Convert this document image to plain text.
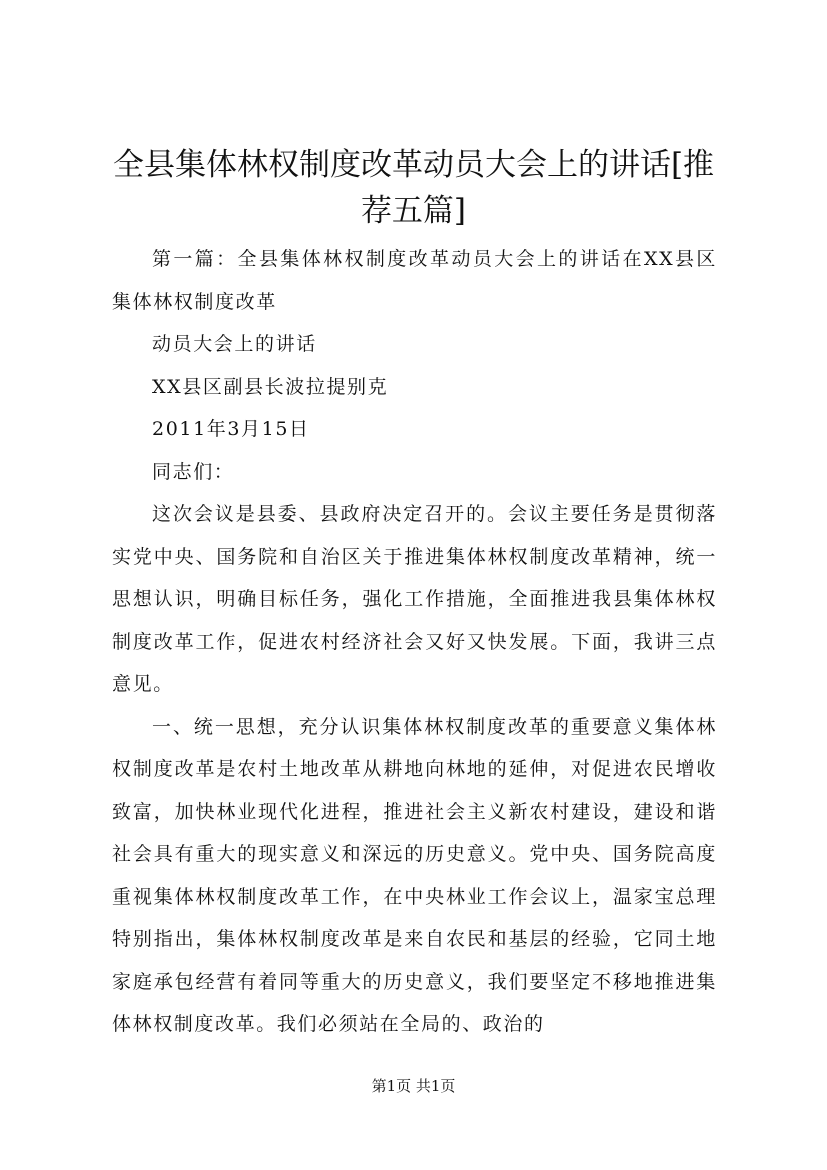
全县集体林权制度改革动员大会上的讲话[推
荐五篇]

第一篇：全县集体林权制度改革动员大会上的讲话在XX县区集体林权制度改革

动员大会上的讲话

XX县区副县长波拉提别克

2011年3月15日

同志们：

这次会议是县委、县政府决定召开的。会议主要任务是贯彻落实党中央、国务院和自治区关于推进集体林权制度改革精神，统一思想认识，明确目标任务，强化工作措施，全面推进我县集体林权制度改革工作，促进农村经济社会又好又快发展。下面，我讲三点意见。

一、统一思想，充分认识集体林权制度改革的重要意义集体林权制度改革是农村土地改革从耕地向林地的延伸，对促进农民增收致富，加快林业现代化进程，推进社会主义新农村建设，建设和谐社会具有重大的现实意义和深远的历史意义。党中央、国务院高度重视集体林权制度改革工作，在中央林业工作会议上，温家宝总理特别指出，集体林权制度改革是来自农民和基层的经验，它同土地家庭承包经营有着同等重大的历史意义，我们要坚定不移地推进集体林权制度改革。我们必须站在全局的、政治的

第1页 共1页
